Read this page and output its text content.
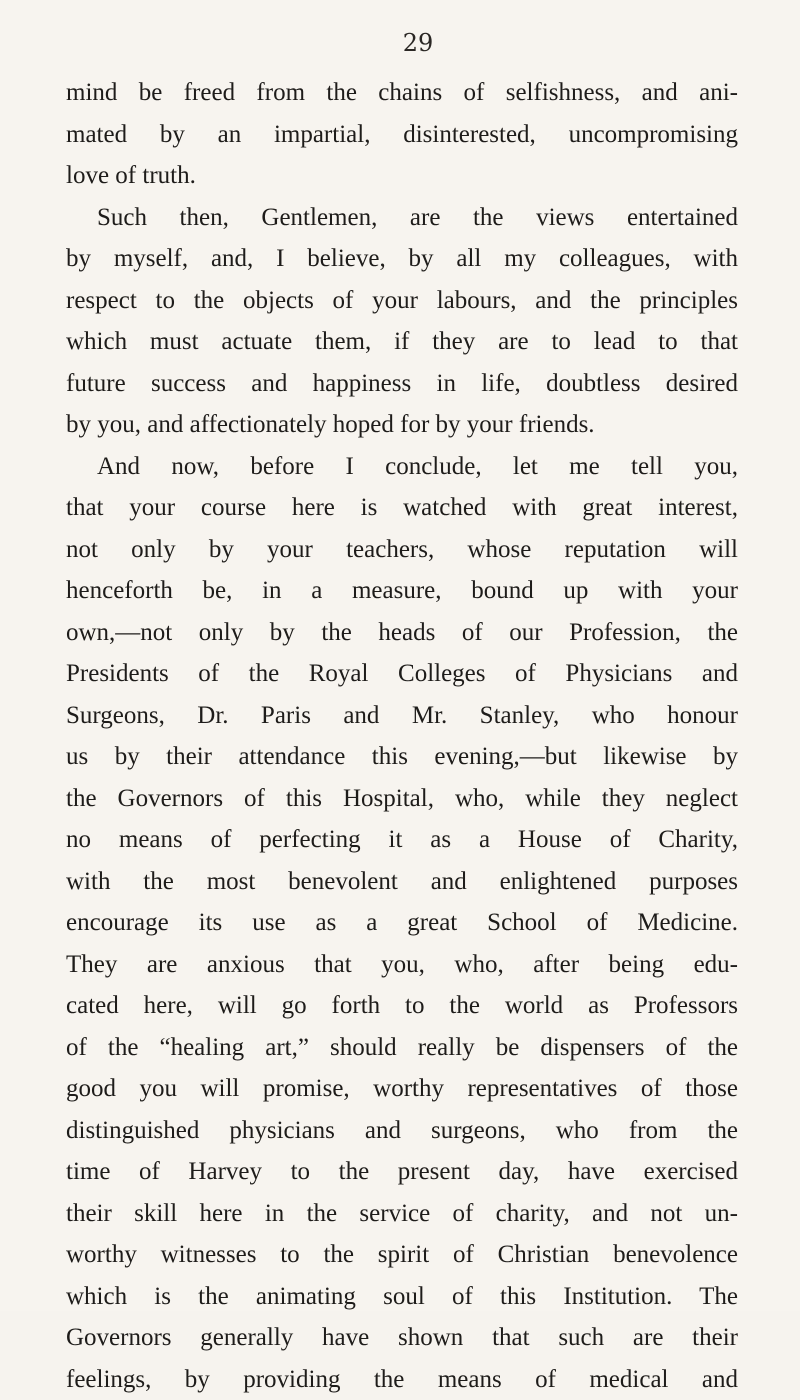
29
mind be freed from the chains of selfishness, and ani-
mated by an impartial, disinterested, uncompromising
love of truth.
Such then, Gentlemen, are the views entertained
by myself, and, I believe, by all my colleagues, with
respect to the objects of your labours, and the principles
which must actuate them, if they are to lead to that
future success and happiness in life, doubtless desired
by you, and affectionately hoped for by your friends.
And now, before I conclude, let me tell you,
that your course here is watched with great interest,
not only by your teachers, whose reputation will
henceforth be, in a measure, bound up with your
own,—not only by the heads of our Profession, the
Presidents of the Royal Colleges of Physicians and
Surgeons, Dr. Paris and Mr. Stanley, who honour
us by their attendance this evening,—but likewise by
the Governors of this Hospital, who, while they neglect
no means of perfecting it as a House of Charity,
with the most benevolent and enlightened purposes
encourage its use as a great School of Medicine.
They are anxious that you, who, after being edu-
cated here, will go forth to the world as Professors
of the “healing art,” should really be dispensers of the
good you will promise, worthy representatives of those
distinguished physicians and surgeons, who from the
time of Harvey to the present day, have exercised
their skill here in the service of charity, and not un-
worthy witnesses to the spirit of Christian benevolence
which is the animating soul of this Institution. The
Governors generally have shown that such are their
feelings, by providing the means of medical and
